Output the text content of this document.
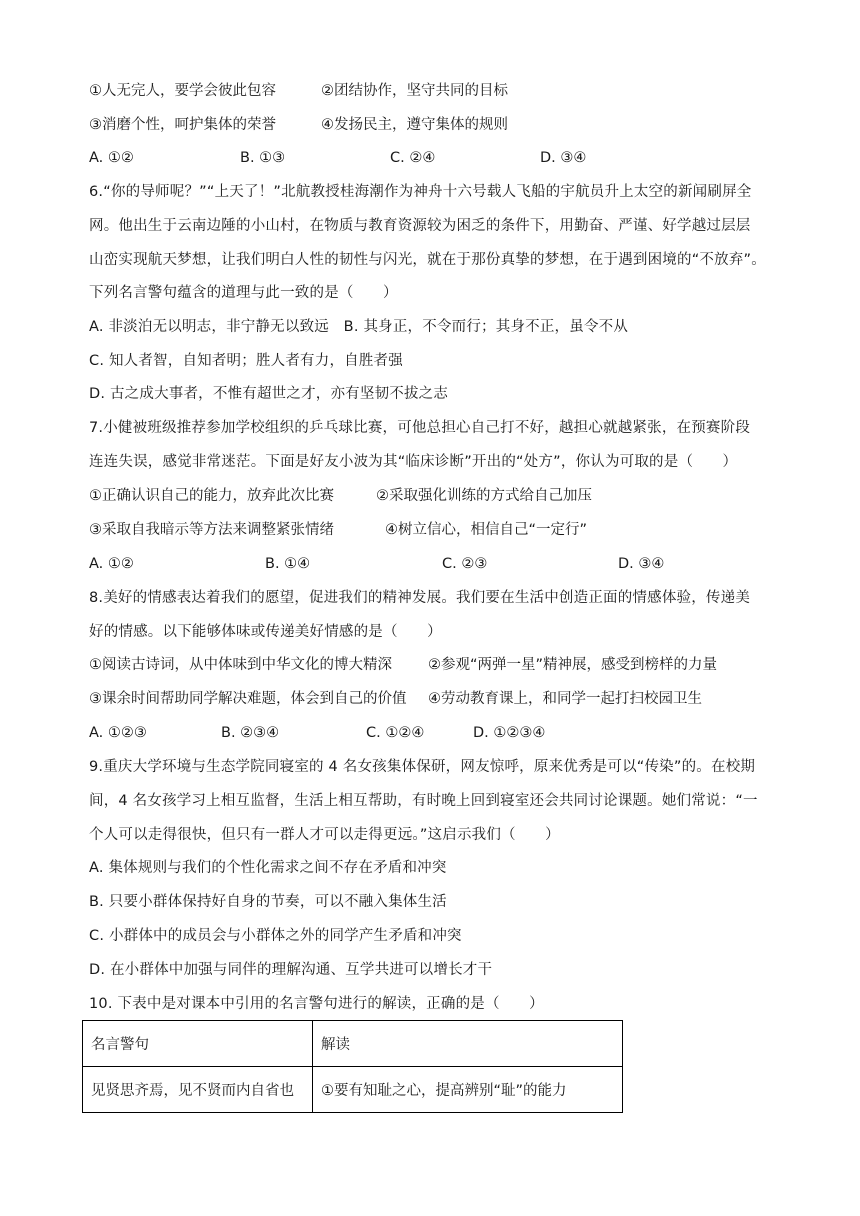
①人无完人，要学会彼此包容	②团结协作，坚守共同的目标
③消磨个性，呵护集体的荣誉	④发扬民主，遵守集体的规则
A. ①②	B. ①③	C. ②④	D. ③④
6.“你的导师呢？”“上天了！”北航教授桂海潮作为神舟十六号载人飞船的宇航员升上太空的新闻刷屏全
网。他出生于云南边陲的小山村，在物质与教育资源较为困乏的条件下，用勤奋、严谨、好学越过层层
山峦实现航天梦想，让我们明白人性的韧性与闪光，就在于那份真挚的梦想，在于遇到困境的“不放弃”。
下列名言警句蕴含的道理与此一致的是（　　）
A. 非淡泊无以明志，非宁静无以致远　B. 其身正，不令而行；其身不正，虽令不从
C. 知人者智，自知者明；胜人者有力，自胜者强
D. 古之成大事者，不惟有超世之才，亦有坚韧不拔之志
7.小健被班级推荐参加学校组织的乒乓球比赛，可他总担心自己打不好，越担心就越紧张，在预赛阶段
连连失误，感觉非常迷茫。下面是好友小波为其“临床诊断”开出的“处方”，你认为可取的是（　　）
①正确认识自己的能力，放弃此次比赛	②采取强化训练的方式给自己加压
③采取自我暗示等方法来调整紧张情绪	④树立信心，相信自己“一定行”
A. ①②	B. ①④	C. ②③	D. ③④
8.美好的情感表达着我们的愿望，促进我们的精神发展。我们要在生活中创造正面的情感体验，传递美
好的情感。以下能够体味或传递美好情感的是（　　）
①阅读古诗词，从中体味到中华文化的博大精深 ②参观“两弹一星”精神展，感受到榜样的力量
③课余时间帮助同学解决难题，体会到自己的价值 ④劳动教育课上，和同学一起打扫校园卫生
A. ①②③	B. ②③④	C. ①②④	D. ①②③④
9.重庆大学环境与生态学院同寝室的 4 名女孩集体保研，网友惊呼，原来优秀是可以“传染”的。在校期
间，4 名女孩学习上相互监督，生活上相互帮助，有时晚上回到寝室还会共同讨论课题。她们常说：“一
个人可以走得很快，但只有一群人才可以走得更远。”这启示我们（　　）
A. 集体规则与我们的个性化需求之间不存在矛盾和冲突
B. 只要小群体保持好自身的节奏，可以不融入集体生活
C. 小群体中的成员会与小群体之外的同学产生矛盾和冲突
D. 在小群体中加强与同伴的理解沟通、互学共进可以增长才干
10. 下表中是对课本中引用的名言警句进行的解读，正确的是（　　）
名言警句	解读
见贤思齐焉，见不贤而内自省也	①要有知耻之心，提高辨别“耻”的能力
